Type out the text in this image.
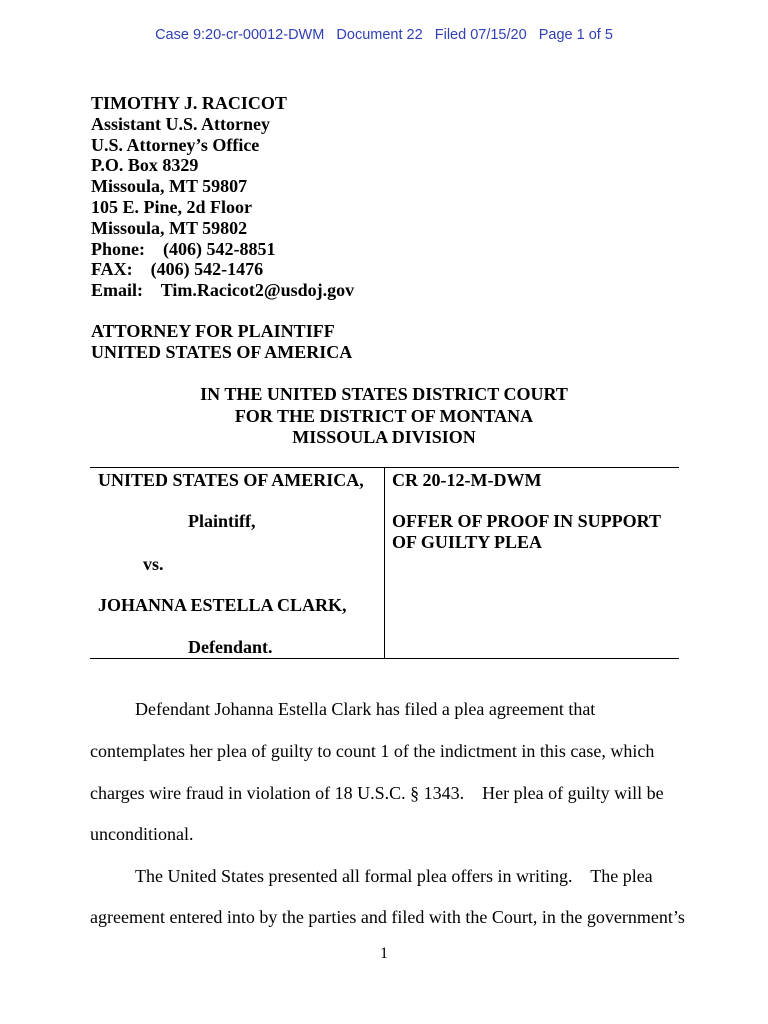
Case 9:20-cr-00012-DWM Document 22 Filed 07/15/20 Page 1 of 5
TIMOTHY J. RACICOT
Assistant U.S. Attorney
U.S. Attorney’s Office
P.O. Box 8329
Missoula, MT 59807
105 E. Pine, 2d Floor
Missoula, MT 59802
Phone: (406) 542-8851
FAX: (406) 542-1476
Email: Tim.Racicot2@usdoj.gov
ATTORNEY FOR PLAINTIFF
UNITED STATES OF AMERICA
IN THE UNITED STATES DISTRICT COURT
FOR THE DISTRICT OF MONTANA
MISSOULA DIVISION
UNITED STATES OF AMERICA,
Plaintiff,
vs.
JOHANNA ESTELLA CLARK,
Defendant.
CR 20-12-M-DWM
OFFER OF PROOF IN SUPPORT
OF GUILTY PLEA
Defendant Johanna Estella Clark has filed a plea agreement that
contemplates her plea of guilty to count 1 of the indictment in this case, which
charges wire fraud in violation of 18 U.S.C. § 1343.    Her plea of guilty will be
unconditional.
The United States presented all formal plea offers in writing.    The plea
agreement entered into by the parties and filed with the Court, in the government’s
1
